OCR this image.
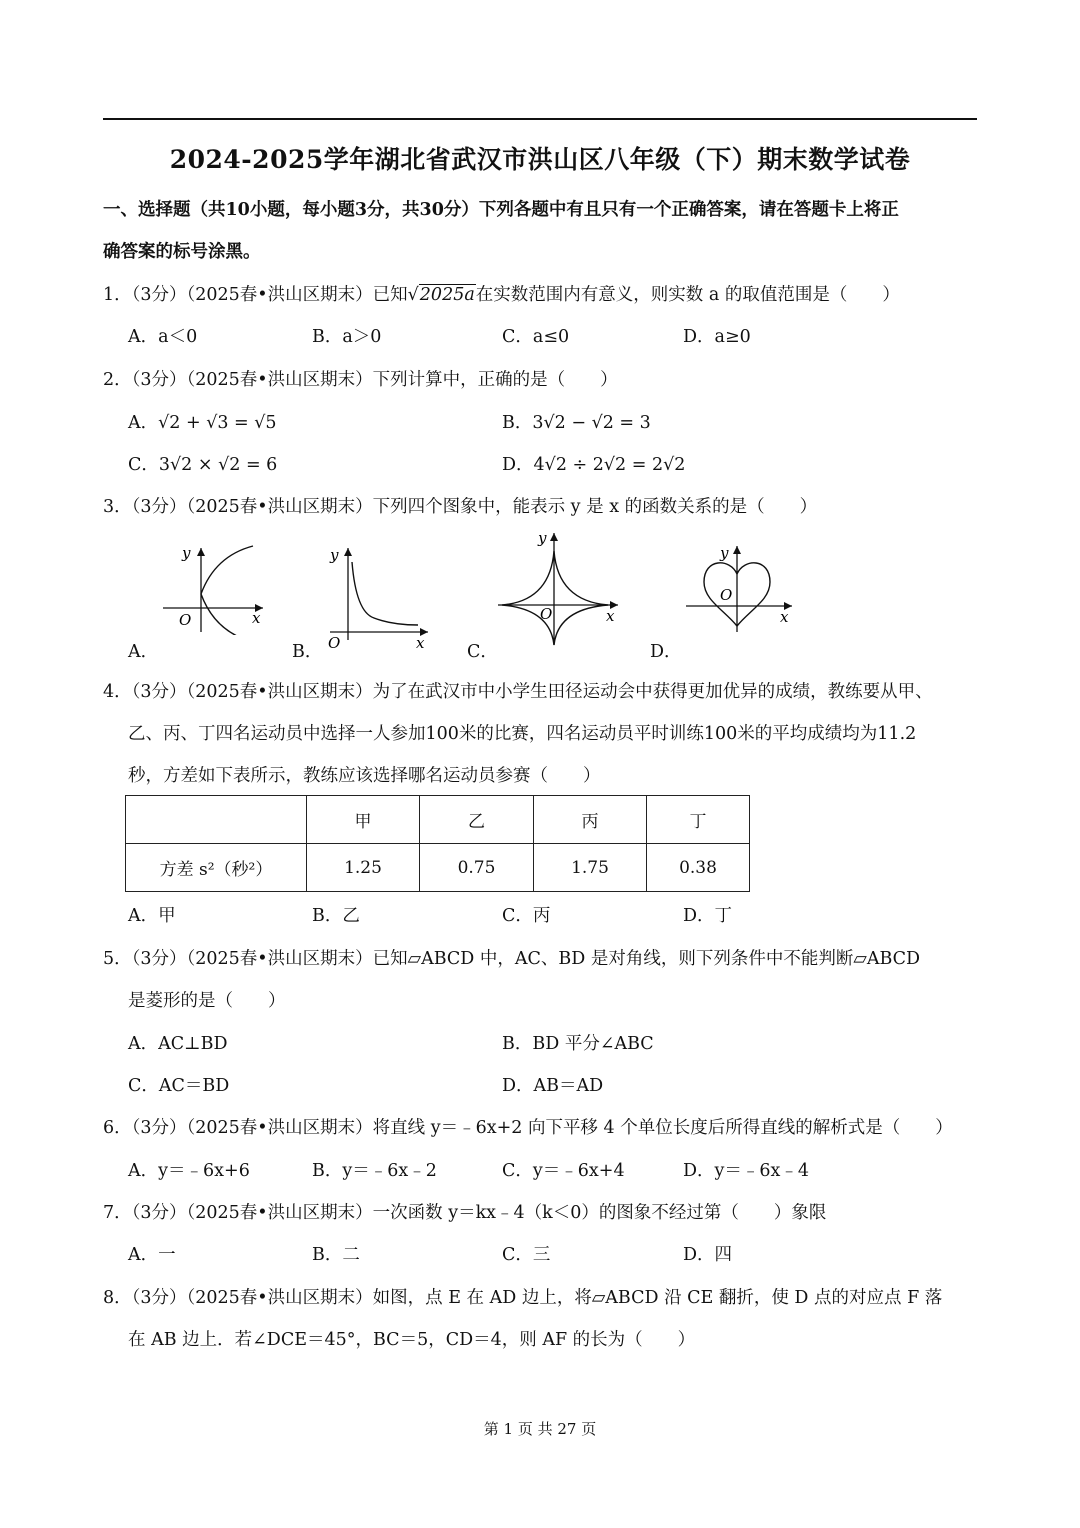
2024-2025学年湖北省武汉市洪山区八年级（下）期末数学试卷
一、选择题（共10小题，每小题3分，共30分）下列各题中有且只有一个正确答案，请在答题卡上将正
确答案的标号涂黑。
1．（3分）（2025春•洪山区期末）已知√2025a在实数范围内有意义，则实数 a 的取值范围是（　　）
A．a＜0	B．a＞0	C．a≤0	D．a≥0
2．（3分）（2025春•洪山区期末）下列计算中，正确的是（　　）
A．√2 + √3 = √5	B．3√2 − √2 = 3
C．3√2 × √2 = 6	D．4√2 ÷ 2√2 = 2√2
3．（3分）（2025春•洪山区期末）下列四个图象中，能表示 y 是 x 的函数关系的是（　　）
A．
y
x
O
B．
y
x
O	C．
y
x
O
D．
y
x
O
4．（3分）（2025春•洪山区期末）为了在武汉市中小学生田径运动会中获得更加优异的成绩，教练要从甲、
乙、丙、丁四名运动员中选择一人参加100米的比赛，四名运动员平时训练100米的平均成绩均为11.2
秒，方差如下表所示，教练应该选择哪名运动员参赛（　　）
	甲	乙	丙	丁
方差 s²（秒²）	1.25	0.75	1.75	0.38
A．甲	B．乙	C．丙	D．丁
5．（3分）（2025春•洪山区期末）已知▱ABCD 中，AC、BD 是对角线，则下列条件中不能判断▱ABCD
是菱形的是（　　）
A．AC⊥BD	B．BD 平分∠ABC
C．AC＝BD	D．AB＝AD
6．（3分）（2025春•洪山区期末）将直线 y＝﹣6x+2 向下平移 4 个单位长度后所得直线的解析式是（　　）
A．y＝﹣6x+6	B．y＝﹣6x﹣2	C．y＝﹣6x+4	D．y＝﹣6x﹣4
7．（3分）（2025春•洪山区期末）一次函数 y＝kx﹣4（k＜0）的图象不经过第（　　）象限
A．一	B．二	C．三	D．四
8．（3分）（2025春•洪山区期末）如图，点 E 在 AD 边上，将▱ABCD 沿 CE 翻折，使 D 点的对应点 F 落
在 AB 边上．若∠DCE＝45°，BC＝5，CD＝4，则 AF 的长为（　　）
第 1 页 共 27 页
